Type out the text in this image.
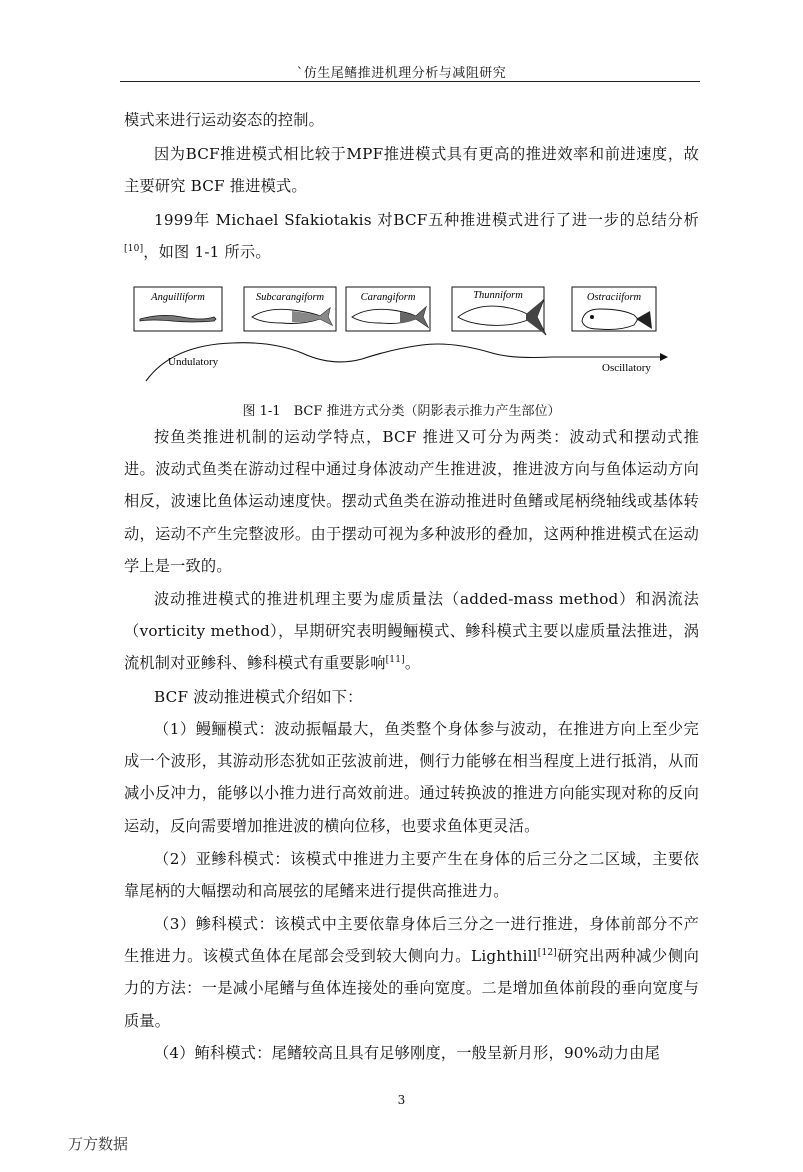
`仿生尾鳍推进机理分析与减阻研究

模式来进行运动姿态的控制。

因为BCF推进模式相比较于MPF推进模式具有更高的推进效率和前进速度，故主要研究 BCF 推进模式。

1999年 Michael Sfakiotakis 对BCF五种推进模式进行了进一步的总结分析[10]，如图 1-1 所示。

Anguilliform	Subcarangiform	Carangiform	Thunniform	Ostraciiform
Undulatory	Oscillatory
图 1-1　BCF 推进方式分类（阴影表示推力产生部位）

按鱼类推进机制的运动学特点，BCF 推进又可分为两类：波动式和摆动式推进。波动式鱼类在游动过程中通过身体波动产生推进波，推进波方向与鱼体运动方向相反，波速比鱼体运动速度快。摆动式鱼类在游动推进时鱼鳍或尾柄绕轴线或基体转动，运动不产生完整波形。由于摆动可视为多种波形的叠加，这两种推进模式在运动学上是一致的。

波动推进模式的推进机理主要为虚质量法（added-mass method）和涡流法（vorticity method），早期研究表明鳗鲡模式、鲹科模式主要以虚质量法推进，涡流机制对亚鲹科、鲹科模式有重要影响[11]。

BCF 波动推进模式介绍如下：

（1）鳗鲡模式：波动振幅最大，鱼类整个身体参与波动，在推进方向上至少完成一个波形，其游动形态犹如正弦波前进，侧行力能够在相当程度上进行抵消，从而减小反冲力，能够以小推力进行高效前进。通过转换波的推进方向能实现对称的反向运动，反向需要增加推进波的横向位移，也要求鱼体更灵活。

（2）亚鲹科模式：该模式中推进力主要产生在身体的后三分之二区域，主要依靠尾柄的大幅摆动和高展弦的尾鳍来进行提供高推进力。

（3）鲹科模式：该模式中主要依靠身体后三分之一进行推进，身体前部分不产生推进力。该模式鱼体在尾部会受到较大侧向力。Lighthill[12]研究出两种减少侧向力的方法：一是减小尾鳍与鱼体连接处的垂向宽度。二是增加鱼体前段的垂向宽度与质量。

（4）鲔科模式：尾鳍较高且具有足够刚度，一般呈新月形，90%动力由尾

3
万方数据
